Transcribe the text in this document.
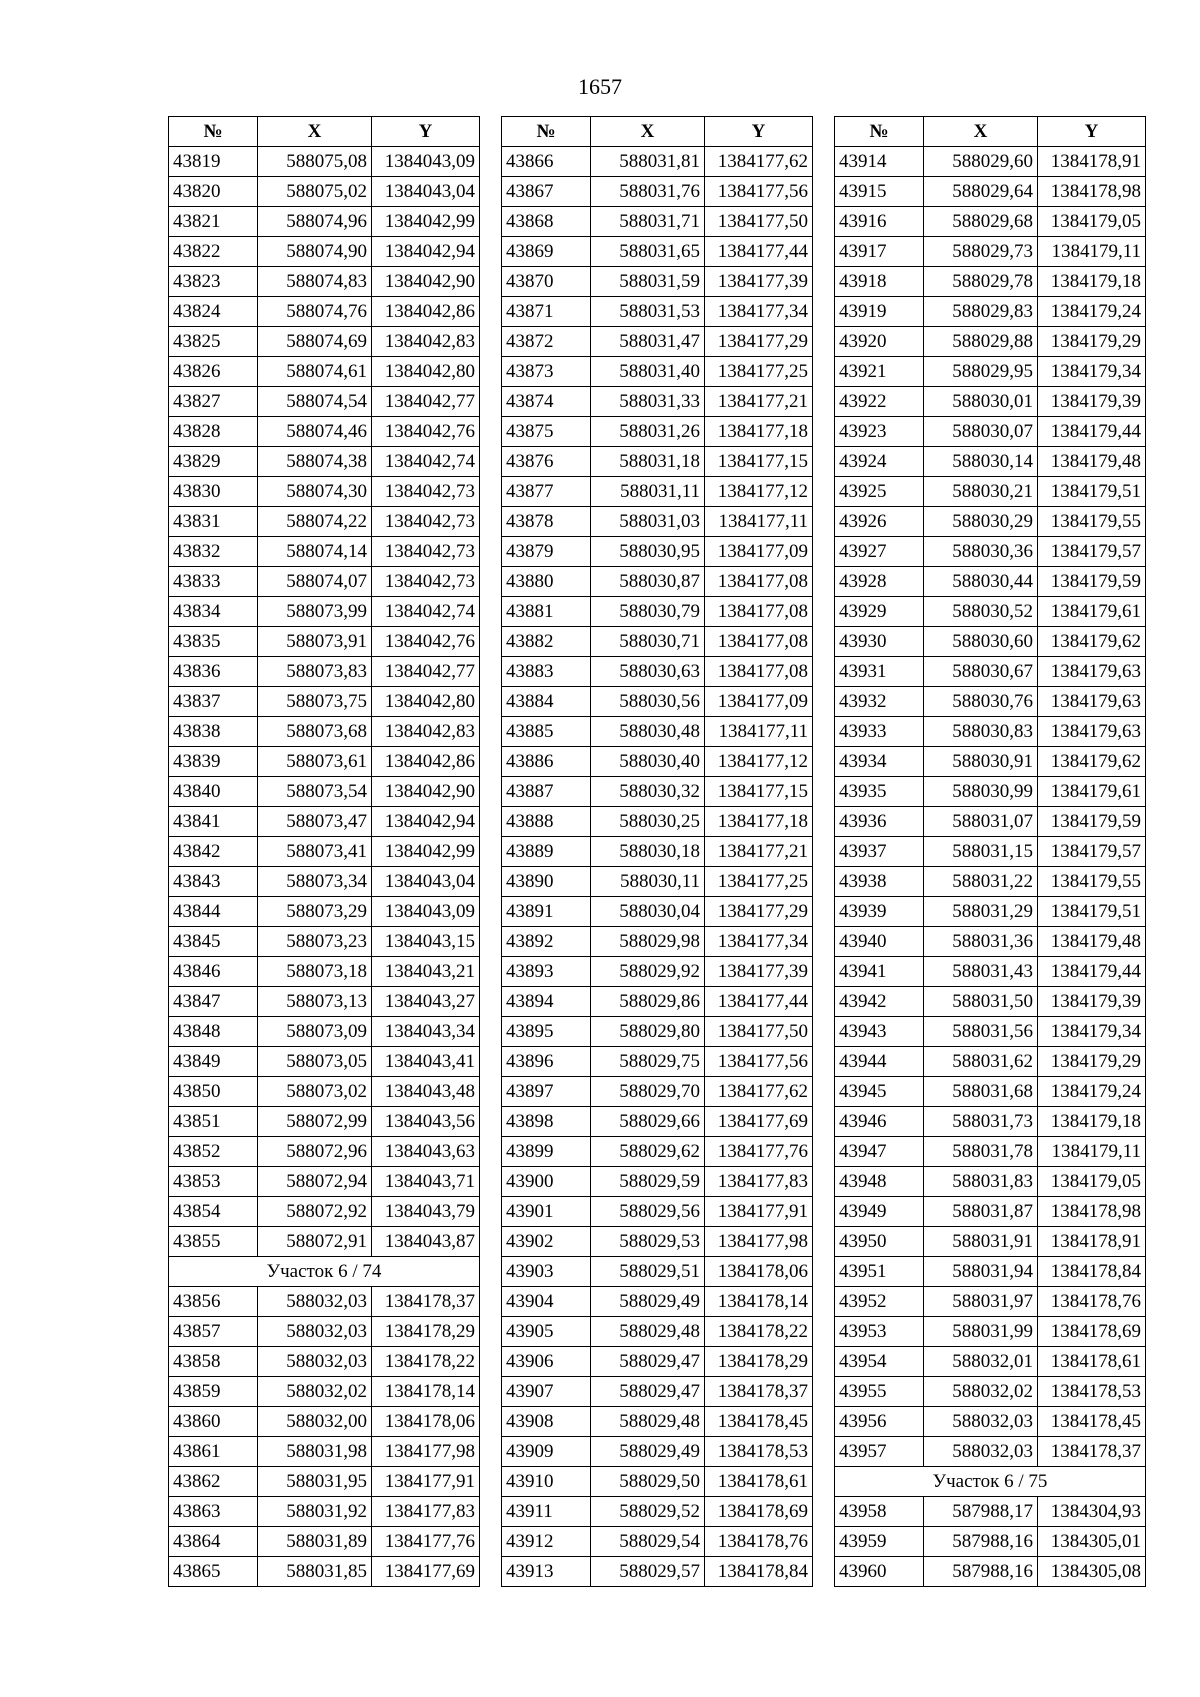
1657
№	X	Y
43819	588075,08	1384043,09
43820	588075,02	1384043,04
43821	588074,96	1384042,99
43822	588074,90	1384042,94
43823	588074,83	1384042,90
43824	588074,76	1384042,86
43825	588074,69	1384042,83
43826	588074,61	1384042,80
43827	588074,54	1384042,77
43828	588074,46	1384042,76
43829	588074,38	1384042,74
43830	588074,30	1384042,73
43831	588074,22	1384042,73
43832	588074,14	1384042,73
43833	588074,07	1384042,73
43834	588073,99	1384042,74
43835	588073,91	1384042,76
43836	588073,83	1384042,77
43837	588073,75	1384042,80
43838	588073,68	1384042,83
43839	588073,61	1384042,86
43840	588073,54	1384042,90
43841	588073,47	1384042,94
43842	588073,41	1384042,99
43843	588073,34	1384043,04
43844	588073,29	1384043,09
43845	588073,23	1384043,15
43846	588073,18	1384043,21
43847	588073,13	1384043,27
43848	588073,09	1384043,34
43849	588073,05	1384043,41
43850	588073,02	1384043,48
43851	588072,99	1384043,56
43852	588072,96	1384043,63
43853	588072,94	1384043,71
43854	588072,92	1384043,79
43855	588072,91	1384043,87
Участок 6 / 74		
43856	588032,03	1384178,37
43857	588032,03	1384178,29
43858	588032,03	1384178,22
43859	588032,02	1384178,14
43860	588032,00	1384178,06
43861	588031,98	1384177,98
43862	588031,95	1384177,91
43863	588031,92	1384177,83
43864	588031,89	1384177,76
43865	588031,85	1384177,69
№	X	Y
43866	588031,81	1384177,62
43867	588031,76	1384177,56
43868	588031,71	1384177,50
43869	588031,65	1384177,44
43870	588031,59	1384177,39
43871	588031,53	1384177,34
43872	588031,47	1384177,29
43873	588031,40	1384177,25
43874	588031,33	1384177,21
43875	588031,26	1384177,18
43876	588031,18	1384177,15
43877	588031,11	1384177,12
43878	588031,03	1384177,11
43879	588030,95	1384177,09
43880	588030,87	1384177,08
43881	588030,79	1384177,08
43882	588030,71	1384177,08
43883	588030,63	1384177,08
43884	588030,56	1384177,09
43885	588030,48	1384177,11
43886	588030,40	1384177,12
43887	588030,32	1384177,15
43888	588030,25	1384177,18
43889	588030,18	1384177,21
43890	588030,11	1384177,25
43891	588030,04	1384177,29
43892	588029,98	1384177,34
43893	588029,92	1384177,39
43894	588029,86	1384177,44
43895	588029,80	1384177,50
43896	588029,75	1384177,56
43897	588029,70	1384177,62
43898	588029,66	1384177,69
43899	588029,62	1384177,76
43900	588029,59	1384177,83
43901	588029,56	1384177,91
43902	588029,53	1384177,98
43903	588029,51	1384178,06
43904	588029,49	1384178,14
43905	588029,48	1384178,22
43906	588029,47	1384178,29
43907	588029,47	1384178,37
43908	588029,48	1384178,45
43909	588029,49	1384178,53
43910	588029,50	1384178,61
43911	588029,52	1384178,69
43912	588029,54	1384178,76
43913	588029,57	1384178,84
№	X	Y
43914	588029,60	1384178,91
43915	588029,64	1384178,98
43916	588029,68	1384179,05
43917	588029,73	1384179,11
43918	588029,78	1384179,18
43919	588029,83	1384179,24
43920	588029,88	1384179,29
43921	588029,95	1384179,34
43922	588030,01	1384179,39
43923	588030,07	1384179,44
43924	588030,14	1384179,48
43925	588030,21	1384179,51
43926	588030,29	1384179,55
43927	588030,36	1384179,57
43928	588030,44	1384179,59
43929	588030,52	1384179,61
43930	588030,60	1384179,62
43931	588030,67	1384179,63
43932	588030,76	1384179,63
43933	588030,83	1384179,63
43934	588030,91	1384179,62
43935	588030,99	1384179,61
43936	588031,07	1384179,59
43937	588031,15	1384179,57
43938	588031,22	1384179,55
43939	588031,29	1384179,51
43940	588031,36	1384179,48
43941	588031,43	1384179,44
43942	588031,50	1384179,39
43943	588031,56	1384179,34
43944	588031,62	1384179,29
43945	588031,68	1384179,24
43946	588031,73	1384179,18
43947	588031,78	1384179,11
43948	588031,83	1384179,05
43949	588031,87	1384178,98
43950	588031,91	1384178,91
43951	588031,94	1384178,84
43952	588031,97	1384178,76
43953	588031,99	1384178,69
43954	588032,01	1384178,61
43955	588032,02	1384178,53
43956	588032,03	1384178,45
43957	588032,03	1384178,37
Участок 6 / 75		
43958	587988,17	1384304,93
43959	587988,16	1384305,01
43960	587988,16	1384305,08
